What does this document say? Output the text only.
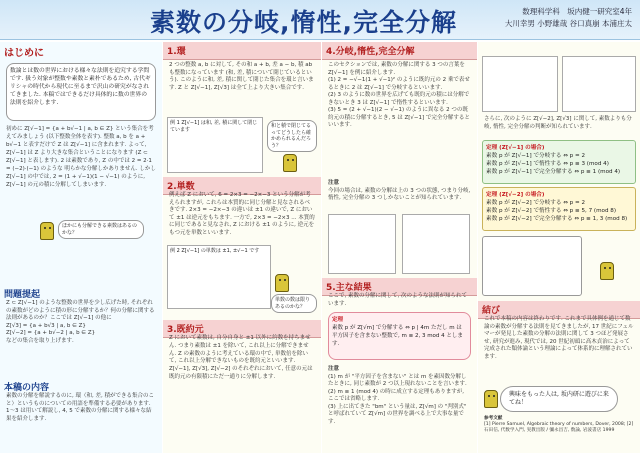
素数の分岐,惰性,完全分解	数理科学科　坂内健一研究室4年
大川幸男 小野雄哉 谷口真崩 本浦庄太
はじめに
数論とは数の世界における様々な法則を追究する学問です. 扱う対象が整数や素数と素朴であるため, 古代ギリシャの時代から現代に至るまで沢山の研究がなされてきました. 本稿ではできるだけ具体的に数の世界の法則を紹介します.
初めに Z[√−1] = {a + b√−1 | a, b ∈ Z} という集合を考えてみましょう (以下整数全体を表す). 整数 a, b を a + b√−1 と表すだけで Z は Z[√−1] に含まれます. よって, Z[√−1] は Z より大きな集合ということになります (Z ⊂ Z[√−1] と表します). 2 は素数であり, Z の中では 2 = 2·1 = (−2)·(−1) のような 明らかな分解しかありません. しかし Z[√−1] の中では, 2 = (1 + √−1)(1 − √−1) のように, Z[√−1] の元の積に分解してしまいます.
ほかにも分解できる素数はあるのかな？
問題提起
Z ⊂ Z[√−1] のような整数の世界を少し広げた時, それぞれの素数がどのように積の形に分解するか？何の分解に関する法則があるのか？ここでは Z[√−1] の他に
Z[√3] = {a + b√3 | a, b ∈ Z}
Z[√−2] = {a + b√−2 | a, b ∈ Z}
などの集合を取り上げます.
本稿の内容
素数の分解を解説するのに, 環（和, 差, 積ができる集合のこと）というものについての用語を準備する必要があります. 1〜3 は用いて解説し, 4, 5 で素数の分解に関する様々な結果を紹介します.
1.環
2 つの整数 a, b に対して, その和 a + b, 差 a − b, 積 ab も整数になっています (和, 差, 積について閉じているという). このように和, 差, 積に関して閉じた集合を環と言います. Z と Z[√−1], Z[√3] は全て上より大きい集合です.
例 1 Z[√−1] は和, 差, 積に関して閉じています
和と積で閉じてるってどうしたら確かめられるんだろう？
2.単数
例えば Z において, 6 = 2×3 = −2×−3 という分解が考えられますが, これらは本質的に同じ分解と見なされるべきです. 2×3 = −2×−3 の違いは ±1 の違いで, Z において ±1 は逆元をもちます. 一方で, 2×3 = −2×3 ... 本質的に同じであると見なされ, Z における ±1 のように, 逆元をもつ元を単数といいます.
例 2 Z[√−1] の単数は ±1, ±√−1 です
単数の数は限りあるのかな？
3.既約元
Z において素数は, 自分自身と ±1 以外に約数を持ちません. つまり素数は ±1 を除いて, これ以上に分解できません. Z の素数のように考えている環の中で, 単数倍を除いて, これ以上分解できないものを既約元といいます. Z[√−1], Z[√3], Z[√−2] のそれぞれにおいて, 任意の元は既約元の有限積にただ一通りに分解します.
4.分岐,惰性,完全分解
このセクションでは, 素数の分解に関する 3 つの言葉を Z[√−1] を例に紹介します.
(1) 2 = −√−1(1 + √−1)² のように既約元の 2 乗で表せるときに 2 は Z[√−1] で分岐するといいます.
(2) 3 のように数の世界を広げても既約元の積には分解できないとき 3 は Z[√−1] で惰性するといいます.
(3) 5 = (2 + √−1)(2 − √−1) のように異なる 2 つの既約元の積に分解するとき, 5 は Z[√−1] で完全分解するといいます.
注意
今回の場合は, 素数の分解は上の 3 つの状態, つまり分岐, 惰性, 完全分解の 3 つしかないことが知られています.
5.主な結果
ここで, 素数の分解に関して, 次のような法則が知られています.
定理
素数 p が Z[√m] で分解する ⇔ p | 4m ただし m は平方因子を含まない整数で, m ≡ 2, 3 mod 4 とします.
注意
(1) m が "平方因子を含まない" とは m を素因数分解したときに, 同じ素数が 2 つ以上現れないことを言います.
(2) m ≡ 1 (mod 4) の時に成立する定理もありますが, ここでは省略します.
(3) 上に出てきた "bm" という量は, Z[√m] の "判別式" と呼ばれていて Z[√m] の世界を調べる上で大事な量です.
さらに, 次のように Z[√−2], Z[√3] に関して, 素数よりも分岐, 惰性, 完全分解の判断が知られています.
定理 (Z[√−1] の場合)
素数 p が Z[√−1] で分岐する ⇔ p = 2
素数 p が Z[√−1] で惰性する ⇔ p ≡ 3 (mod 4)
素数 p が Z[√−1] で完全分解する ⇔ p ≡ 1 (mod 4)
定理 (Z[√−2] の場合)
素数 p が Z[√−2] で分岐する ⇔ p = 2
素数 p が Z[√−2] で惰性する ⇔ p ≡ 5, 7 (mod 8)
素数 p が Z[√−2] で完全分解する ⇔ p ≡ 1, 3 (mod 8)
結び
これで本稿の内容は終わりです. これまで具体例を通じて数論の素数が分解する法則を見てきましたが, 17 世紀にフェルマーが発見した素数の分解の法則に関して 3 つほど発展させ, 研究が進み, 現代では, 20 世紀初頭に高木貞治によって完成された類体論という理論によって体系的に理解されています.
興味をもった人は, 坂内研に遊びに来てね！
参考文献
[1] Pierre Samuel, Algebraic theory of numbers, Dover, 2008; [2] 石田信, 代数学入門, 実教出版 / 彌永昌吉, 数論, 岩波書店 1999
